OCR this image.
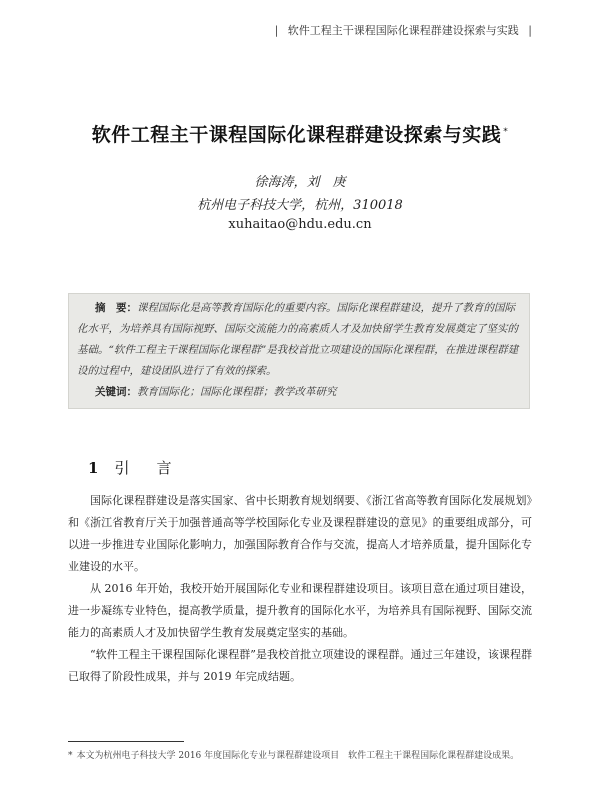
| 软件工程主干课程国际化课程群建设探索与实践 |
软件工程主干课程国际化课程群建设探索与实践 *
徐海涛，刘　庚
杭州电子科技大学，杭州，310018
xuhaitao@hdu.edu.cn

摘　要：课程国际化是高等教育国际化的重要内容。国际化课程群建设，提升了教育的国际化水平，为培养具有国际视野、国际交流能力的高素质人才及加快留学生教育发展奠定了坚实的基础。“软件工程主干课程国际化课程群”是我校首批立项建设的国际化课程群，在推进课程群建设的过程中，建设团队进行了有效的探索。

关键词：教育国际化；国际化课程群；教学改革研究

1 引　言

国际化课程群建设是落实国家、省中长期教育规划纲要、《浙江省高等教育国际化发展规划》和《浙江省教育厅关于加强普通高等学校国际化专业及课程群建设的意见》的重要组成部分，可以进一步推进专业国际化影响力，加强国际教育合作与交流，提高人才培养质量，提升国际化专业建设的水平。

从 2016 年开始，我校开始开展国际化专业和课程群建设项目。该项目意在通过项目建设，进一步凝练专业特色，提高教学质量，提升教育的国际化水平，为培养具有国际视野、国际交流能力的高素质人才及加快留学生教育发展奠定坚实的基础。

“软件工程主干课程国际化课程群”是我校首批立项建设的课程群。通过三年建设，该课程群已取得了阶段性成果，并与 2019 年完成结题。

* 本文为杭州电子科技大学 2016 年度国际化专业与课程群建设项目　软件工程主干课程国际化课程群建设成果。
